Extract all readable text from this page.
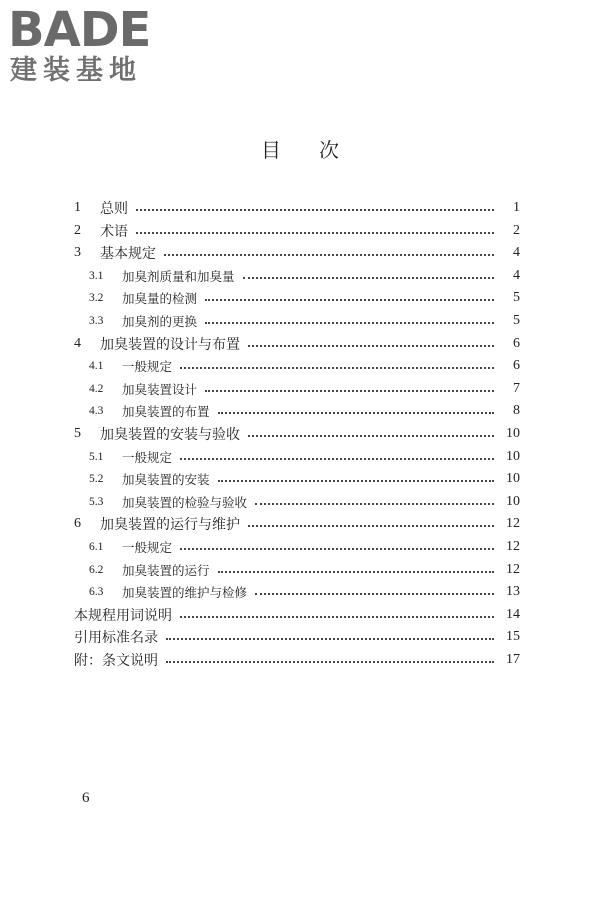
BADE
建装基地
目次
1	总则	1
2	术语	2
3	基本规定	4
3.1	加臭剂质量和加臭量	4
3.2	加臭量的检测	5
3.3	加臭剂的更换	5
4	加臭装置的设计与布置	6
4.1	一般规定	6
4.2	加臭装置设计	7
4.3	加臭装置的布置	8
5	加臭装置的安装与验收	10
5.1	一般规定	10
5.2	加臭装置的安装	10
5.3	加臭装置的检验与验收	10
6	加臭装置的运行与维护	12
6.1	一般规定	12
6.2	加臭装置的运行	12
6.3	加臭装置的维护与检修	13
本规程用词说明	14
引用标准名录	15
附：条文说明	17
6
